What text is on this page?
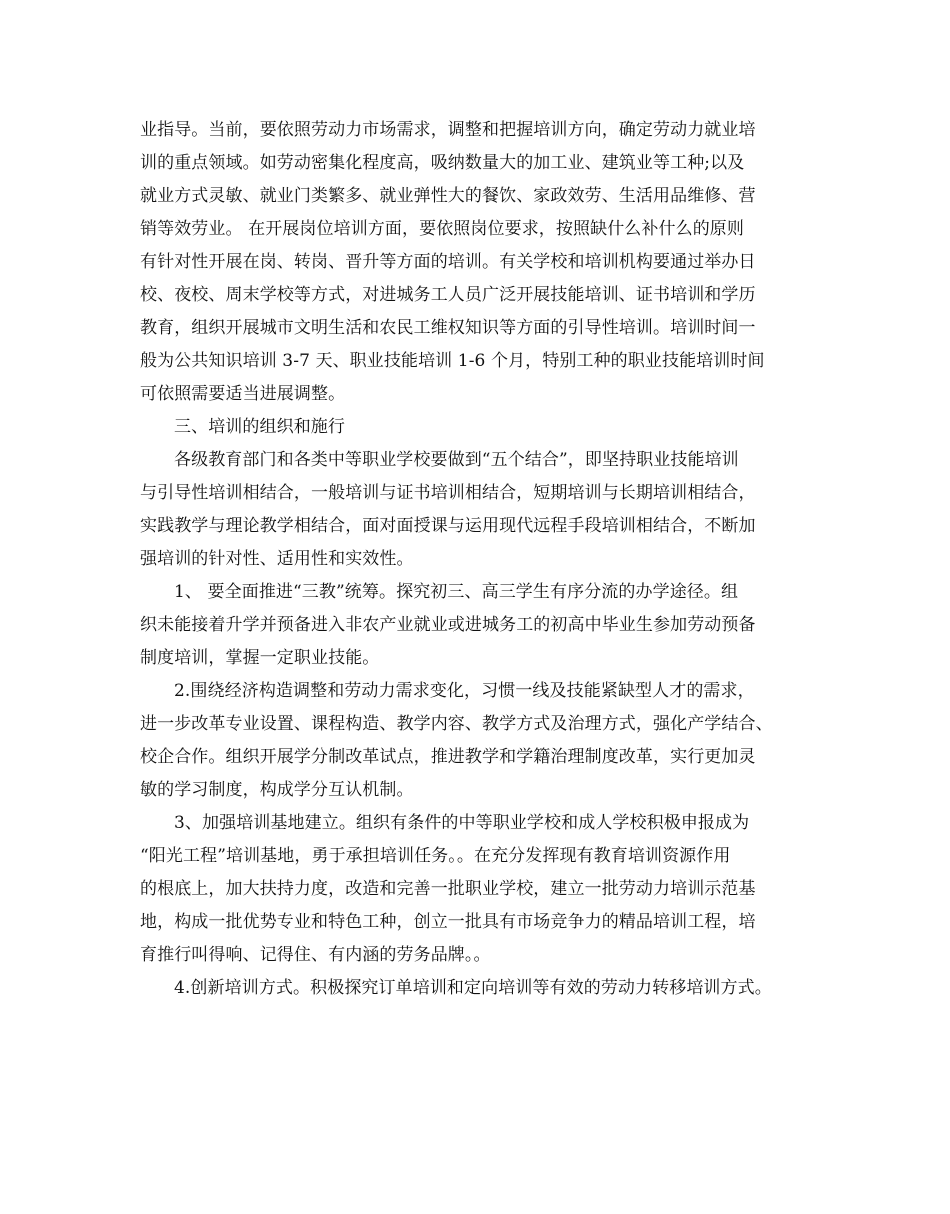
业指导。当前，要依照劳动力市场需求，调整和把握培训方向，确定劳动力就业培
训的重点领域。如劳动密集化程度高，吸纳数量大的加工业、建筑业等工种;以及
就业方式灵敏、就业门类繁多、就业弹性大的餐饮、家政效劳、生活用品维修、营
销等效劳业。 在开展岗位培训方面，要依照岗位要求，按照缺什么补什么的原则
有针对性开展在岗、转岗、晋升等方面的培训。有关学校和培训机构要通过举办日
校、夜校、周末学校等方式，对进城务工人员广泛开展技能培训、证书培训和学历
教育，组织开展城市文明生活和农民工维权知识等方面的引导性培训。培训时间一
般为公共知识培训 3-7 天、职业技能培训 1-6 个月，特别工种的职业技能培训时间
可依照需要适当进展调整。
三、培训的组织和施行
各级教育部门和各类中等职业学校要做到“五个结合”，即坚持职业技能培训
与引导性培训相结合，一般培训与证书培训相结合，短期培训与长期培训相结合，
实践教学与理论教学相结合，面对面授课与运用现代远程手段培训相结合，不断加
强培训的针对性、适用性和实效性。
1、 要全面推进“三教”统筹。探究初三、高三学生有序分流的办学途径。组
织未能接着升学并预备进入非农产业就业或进城务工的初高中毕业生参加劳动预备
制度培训，掌握一定职业技能。
2.围绕经济构造调整和劳动力需求变化，习惯一线及技能紧缺型人才的需求，
进一步改革专业设置、课程构造、教学内容、教学方式及治理方式，强化产学结合、
校企合作。组织开展学分制改革试点，推进教学和学籍治理制度改革，实行更加灵
敏的学习制度，构成学分互认机制。
3、加强培训基地建立。组织有条件的中等职业学校和成人学校积极申报成为
“阳光工程”培训基地，勇于承担培训任务。。在充分发挥现有教育培训资源作用
的根底上，加大扶持力度，改造和完善一批职业学校，建立一批劳动力培训示范基
地，构成一批优势专业和特色工种，创立一批具有市场竞争力的精品培训工程，培
育推行叫得响、记得住、有内涵的劳务品牌。。
4.创新培训方式。积极探究订单培训和定向培训等有效的劳动力转移培训方式。
